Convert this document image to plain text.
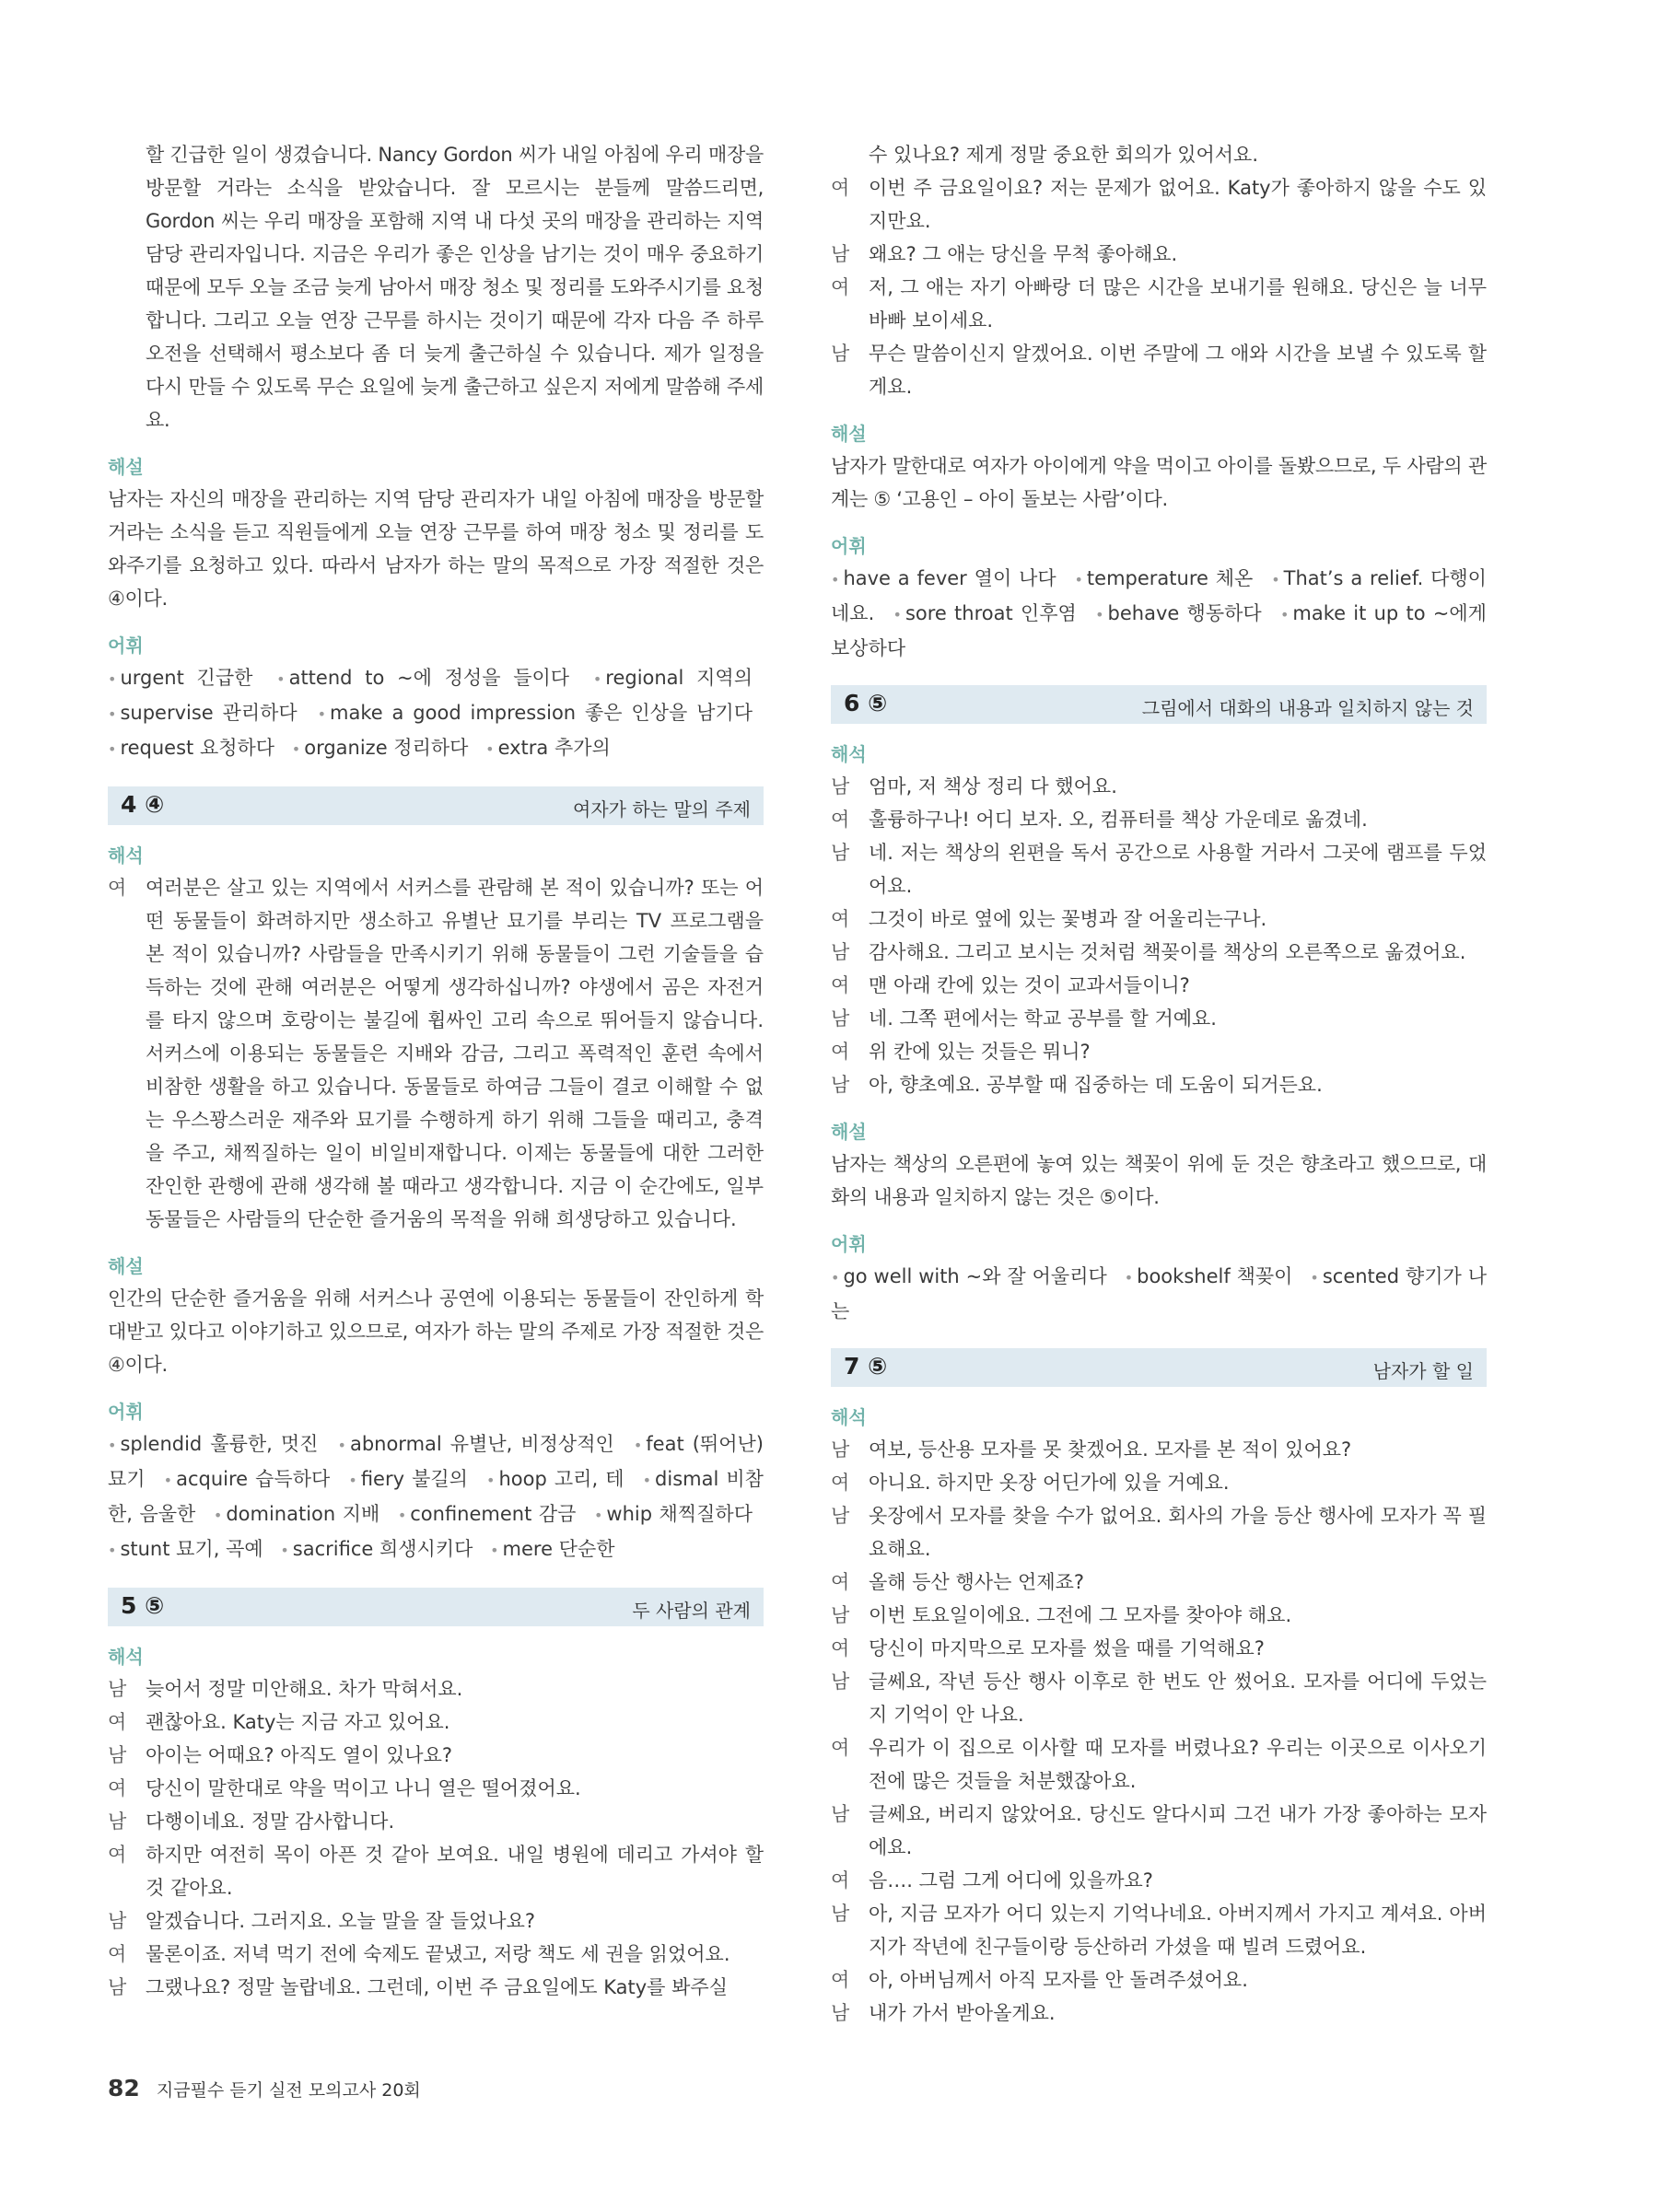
할 긴급한 일이 생겼습니다. Nancy Gordon 씨가 내일 아침에 우리 매장을 방문할 거라는 소식을 받았습니다. 잘 모르시는 분들께 말씀드리면, Gordon 씨는 우리 매장을 포함해 지역 내 다섯 곳의 매장을 관리하는 지역 담당 관리자입니다. 지금은 우리가 좋은 인상을 남기는 것이 매우 중요하기 때문에 모두 오늘 조금 늦게 남아서 매장 청소 및 정리를 도와주시기를 요청합니다. 그리고 오늘 연장 근무를 하시는 것이기 때문에 각자 다음 주 하루 오전을 선택해서 평소보다 좀 더 늦게 출근하실 수 있습니다. 제가 일정을 다시 만들 수 있도록 무슨 요일에 늦게 출근하고 싶은지 저에게 말씀해 주세요.
해설
남자는 자신의 매장을 관리하는 지역 담당 관리자가 내일 아침에 매장을 방문할 거라는 소식을 듣고 직원들에게 오늘 연장 근무를 하여 매장 청소 및 정리를 도와주기를 요청하고 있다. 따라서 남자가 하는 말의 목적으로 가장 적절한 것은 ④이다.
어휘
• urgent 긴급한 • attend to ~에 정성을 들이다 • regional 지역의 • supervise 관리하다 • make a good impression 좋은 인상을 남기다 • request 요청하다 • organize 정리하다 • extra 추가의
4 ④	여자가 하는 말의 주제
해석
여 여러분은 살고 있는 지역에서 서커스를 관람해 본 적이 있습니까? 또는 어떤 동물들이 화려하지만 생소하고 유별난 묘기를 부리는 TV 프로그램을 본 적이 있습니까? 사람들을 만족시키기 위해 동물들이 그런 기술들을 습득하는 것에 관해 여러분은 어떻게 생각하십니까? 야생에서 곰은 자전거를 타지 않으며 호랑이는 불길에 휩싸인 고리 속으로 뛰어들지 않습니다. 서커스에 이용되는 동물들은 지배와 감금, 그리고 폭력적인 훈련 속에서 비참한 생활을 하고 있습니다. 동물들로 하여금 그들이 결코 이해할 수 없는 우스꽝스러운 재주와 묘기를 수행하게 하기 위해 그들을 때리고, 충격을 주고, 채찍질하는 일이 비일비재합니다. 이제는 동물들에 대한 그러한 잔인한 관행에 관해 생각해 볼 때라고 생각합니다. 지금 이 순간에도, 일부 동물들은 사람들의 단순한 즐거움의 목적을 위해 희생당하고 있습니다.
해설
인간의 단순한 즐거움을 위해 서커스나 공연에 이용되는 동물들이 잔인하게 학대받고 있다고 이야기하고 있으므로, 여자가 하는 말의 주제로 가장 적절한 것은 ④이다.
어휘
• splendid 훌륭한, 멋진 • abnormal 유별난, 비정상적인 • feat (뛰어난) 묘기 • acquire 습득하다 • fiery 불길의 • hoop 고리, 테 • dismal 비참한, 음울한 • domination 지배 • confinement 감금 • whip 채찍질하다 • stunt 묘기, 곡예 • sacrifice 희생시키다 • mere 단순한
5 ⑤	두 사람의 관계
해석
남 늦어서 정말 미안해요. 차가 막혀서요.
여 괜찮아요. Katy는 지금 자고 있어요.
남 아이는 어때요? 아직도 열이 있나요?
여 당신이 말한대로 약을 먹이고 나니 열은 떨어졌어요.
남 다행이네요. 정말 감사합니다.
여 하지만 여전히 목이 아픈 것 같아 보여요. 내일 병원에 데리고 가셔야 할 것 같아요.
남 알겠습니다. 그러지요. 오늘 말을 잘 들었나요?
여 물론이죠. 저녁 먹기 전에 숙제도 끝냈고, 저랑 책도 세 권을 읽었어요.
남 그랬나요? 정말 놀랍네요. 그런데, 이번 주 금요일에도 Katy를 봐주실
수 있나요? 제게 정말 중요한 회의가 있어서요.
여 이번 주 금요일이요? 저는 문제가 없어요. Katy가 좋아하지 않을 수도 있지만요.
남 왜요? 그 애는 당신을 무척 좋아해요.
여 저, 그 애는 자기 아빠랑 더 많은 시간을 보내기를 원해요. 당신은 늘 너무 바빠 보이세요.
남 무슨 말씀이신지 알겠어요. 이번 주말에 그 애와 시간을 보낼 수 있도록 할게요.
해설
남자가 말한대로 여자가 아이에게 약을 먹이고 아이를 돌봤으므로, 두 사람의 관계는 ⑤ ‘고용인 – 아이 돌보는 사람’이다.
어휘
• have a fever 열이 나다 • temperature 체온 • That’s a relief. 다행이네요. • sore throat 인후염 • behave 행동하다 • make it up to ~에게 보상하다
6 ⑤	그림에서 대화의 내용과 일치하지 않는 것
해석
남 엄마, 저 책상 정리 다 했어요.
여 훌륭하구나! 어디 보자. 오, 컴퓨터를 책상 가운데로 옮겼네.
남 네. 저는 책상의 왼편을 독서 공간으로 사용할 거라서 그곳에 램프를 두었어요.
여 그것이 바로 옆에 있는 꽃병과 잘 어울리는구나.
남 감사해요. 그리고 보시는 것처럼 책꽂이를 책상의 오른쪽으로 옮겼어요.
여 맨 아래 칸에 있는 것이 교과서들이니?
남 네. 그쪽 편에서는 학교 공부를 할 거예요.
여 위 칸에 있는 것들은 뭐니?
남 아, 향초예요. 공부할 때 집중하는 데 도움이 되거든요.
해설
남자는 책상의 오른편에 놓여 있는 책꽂이 위에 둔 것은 향초라고 했으므로, 대화의 내용과 일치하지 않는 것은 ⑤이다.
어휘
• go well with ~와 잘 어울리다 • bookshelf 책꽂이 • scented 향기가 나는
7 ⑤	남자가 할 일
해석
남 여보, 등산용 모자를 못 찾겠어요. 모자를 본 적이 있어요?
여 아니요. 하지만 옷장 어딘가에 있을 거예요.
남 옷장에서 모자를 찾을 수가 없어요. 회사의 가을 등산 행사에 모자가 꼭 필요해요.
여 올해 등산 행사는 언제죠?
남 이번 토요일이에요. 그전에 그 모자를 찾아야 해요.
여 당신이 마지막으로 모자를 썼을 때를 기억해요?
남 글쎄요, 작년 등산 행사 이후로 한 번도 안 썼어요. 모자를 어디에 두었는지 기억이 안 나요.
여 우리가 이 집으로 이사할 때 모자를 버렸나요? 우리는 이곳으로 이사오기 전에 많은 것들을 처분했잖아요.
남 글쎄요, 버리지 않았어요. 당신도 알다시피 그건 내가 가장 좋아하는 모자에요.
여 음…. 그럼 그게 어디에 있을까요?
남 아, 지금 모자가 어디 있는지 기억나네요. 아버지께서 가지고 계셔요. 아버지가 작년에 친구들이랑 등산하러 가셨을 때 빌려 드렸어요.
여 아, 아버님께서 아직 모자를 안 돌려주셨어요.
남 내가 가서 받아올게요.
82 지금필수 듣기 실전 모의고사 20회
